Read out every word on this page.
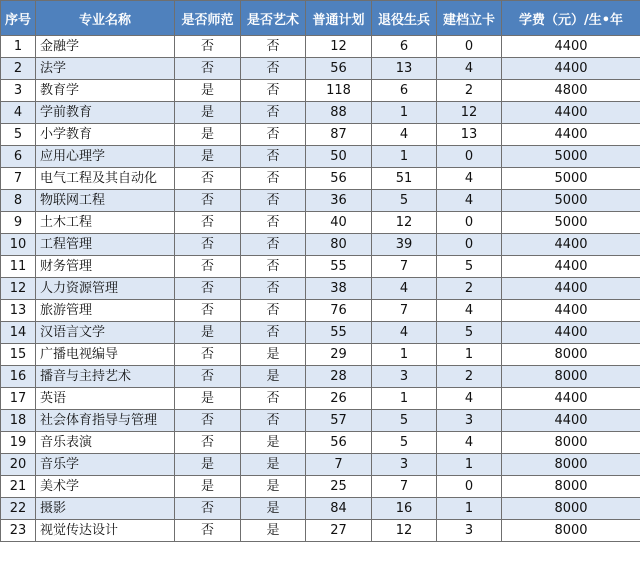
序号	专业名称	是否师范	是否艺术	普通计划	退役生兵	建档立卡	学费（元）/生•年
1	金融学	否	否	12	6	0	4400
2	法学	否	否	56	13	4	4400
3	教育学	是	否	118	6	2	4800
4	学前教育	是	否	88	1	12	4400
5	小学教育	是	否	87	4	13	4400
6	应用心理学	是	否	50	1	0	5000
7	电气工程及其自动化	否	否	56	51	4	5000
8	物联网工程	否	否	36	5	4	5000
9	土木工程	否	否	40	12	0	5000
10	工程管理	否	否	80	39	0	4400
11	财务管理	否	否	55	7	5	4400
12	人力资源管理	否	否	38	4	2	4400
13	旅游管理	否	否	76	7	4	4400
14	汉语言文学	是	否	55	4	5	4400
15	广播电视编导	否	是	29	1	1	8000
16	播音与主持艺术	否	是	28	3	2	8000
17	英语	是	否	26	1	4	4400
18	社会体育指导与管理	否	否	57	5	3	4400
19	音乐表演	否	是	56	5	4	8000
20	音乐学	是	是	7	3	1	8000
21	美术学	是	是	25	7	0	8000
22	摄影	否	是	84	16	1	8000
23	视觉传达设计	否	是	27	12	3	8000
